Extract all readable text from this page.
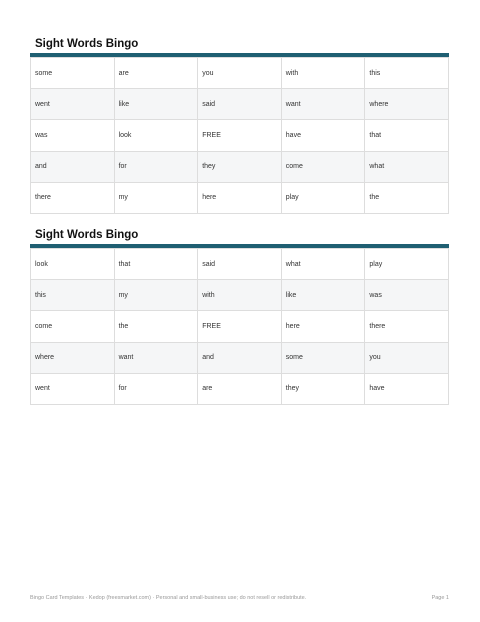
Sight Words Bingo
some	are	you	with	this
went	like	said	want	where
was	look	FREE	have	that
and	for	they	come	what
there	my	here	play	the
Sight Words Bingo
look	that	said	what	play
this	my	with	like	was
come	the	FREE	here	there
where	want	and	some	you
went	for	are	they	have
Bingo Card Templates · Kedop (freesmarket.com) · Personal and small-business use; do not resell or redistribute.	Page 1
